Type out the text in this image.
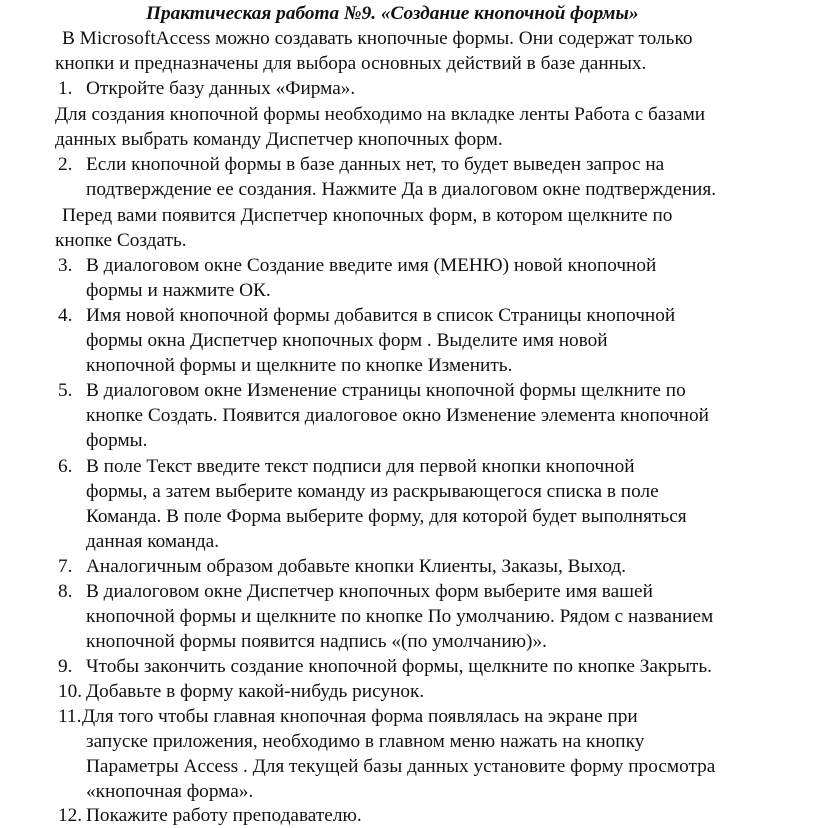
Практическая работа №9. «Создание кнопочной формы»
В MicrosoftAccess можно создавать кнопочные формы. Они содержат только
кнопки и предназначены для выбора основных действий в базе данных.
1. Откройте базу данных «Фирма».
Для создания кнопочной формы необходимо на вкладке ленты Работа с базами
данных выбрать команду Диспетчер кнопочных форм.
2. Если кнопочной формы в базе данных нет, то будет выведен запрос на
подтверждение ее создания. Нажмите Да в диалоговом окне подтверждения.
Перед вами появится Диспетчер кнопочных форм, в котором щелкните по
кнопке Создать.
3. В диалоговом окне Создание введите имя (МЕНЮ) новой кнопочной
формы и нажмите ОК.
4. Имя новой кнопочной формы добавится в список Страницы кнопочной
формы окна Диспетчер кнопочных форм . Выделите имя новой
кнопочной формы и щелкните по кнопке Изменить.
5. В диалоговом окне Изменение страницы кнопочной формы щелкните по
кнопке Создать. Появится диалоговое окно Изменение элемента кнопочной
формы.
6. В поле Текст введите текст подписи для первой кнопки кнопочной
формы, а затем выберите команду из раскрывающегося списка в поле
Команда. В поле Форма выберите форму, для которой будет выполняться
данная команда.
7. Аналогичным образом добавьте кнопки Клиенты, Заказы, Выход.
8. В диалоговом окне Диспетчер кнопочных форм выберите имя вашей
кнопочной формы и щелкните по кнопке По умолчанию. Рядом с названием
кнопочной формы появится надпись «(по умолчанию)».
9. Чтобы закончить создание кнопочной формы, щелкните по кнопке Закрыть.
10. Добавьте в форму какой-нибудь рисунок.
11. Для того чтобы главная кнопочная форма появлялась на экране при
запуске приложения, необходимо в главном меню нажать на кнопку
Параметры Access . Для текущей базы данных установите форму просмотра
«кнопочная форма».
12. Покажите работу преподавателю.
